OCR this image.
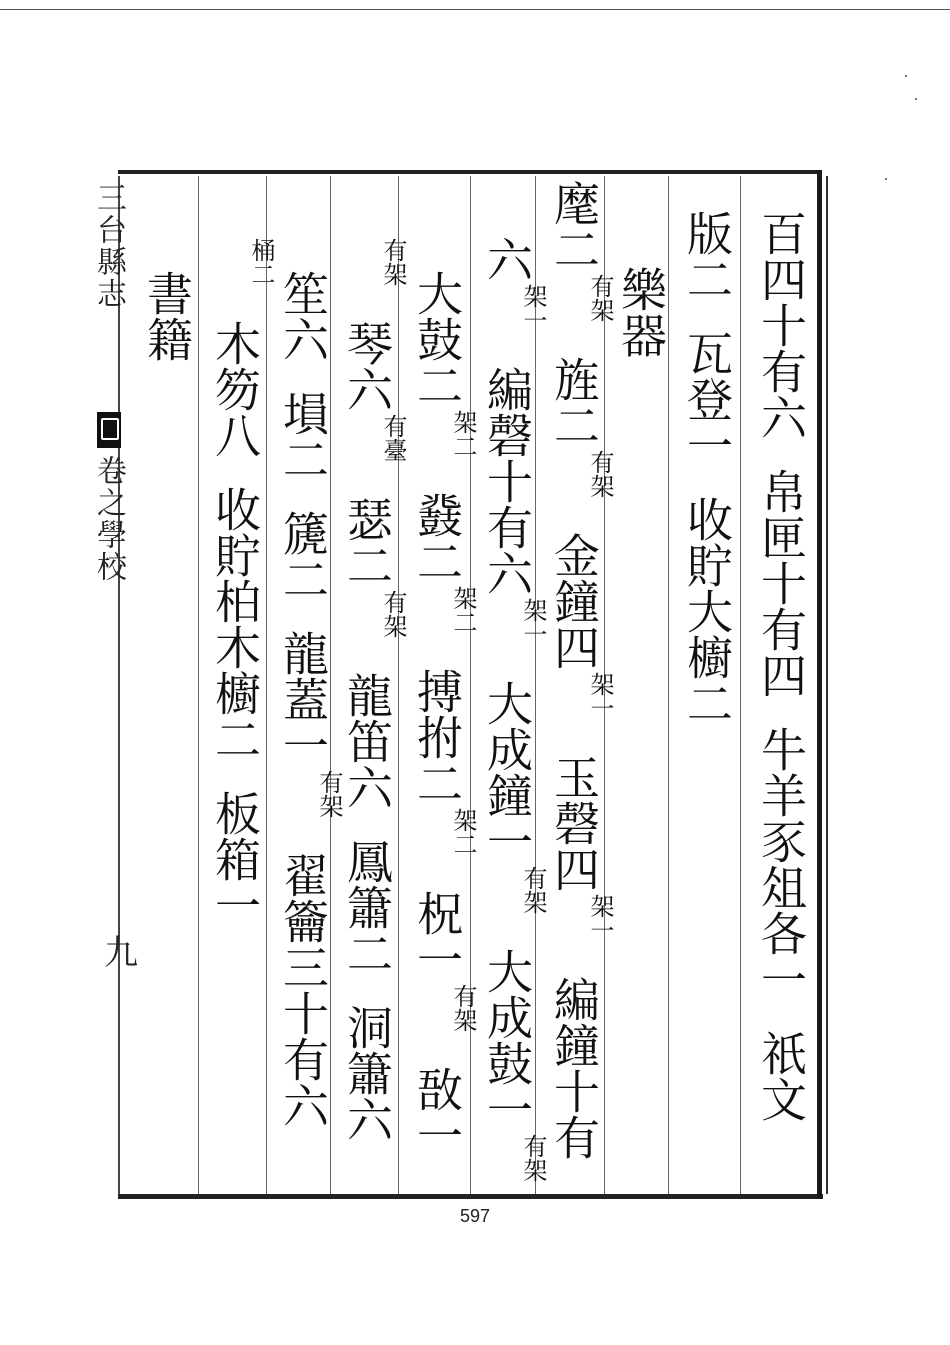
三台縣志
卷之學校
九
百四十有六帛匣十有四牛羊豕俎各一祇文
版二瓦登一收貯大櫥二
樂器
麾二有架旌二有架金鐘四架一玉磬四架一編鐘十有
六架一編磬十有六架一大成鐘一有架大成鼓一有架
大鼓二架二鼗二架二搏拊二架二柷一有架敔一
有架琴六有臺瑟二有架龍笛六鳳簫二洞簫六
笙六塤二篪二龍蓋一有架翟籥三十有六
桶二木笏八收貯柏木櫥二板箱一
書籍
597
